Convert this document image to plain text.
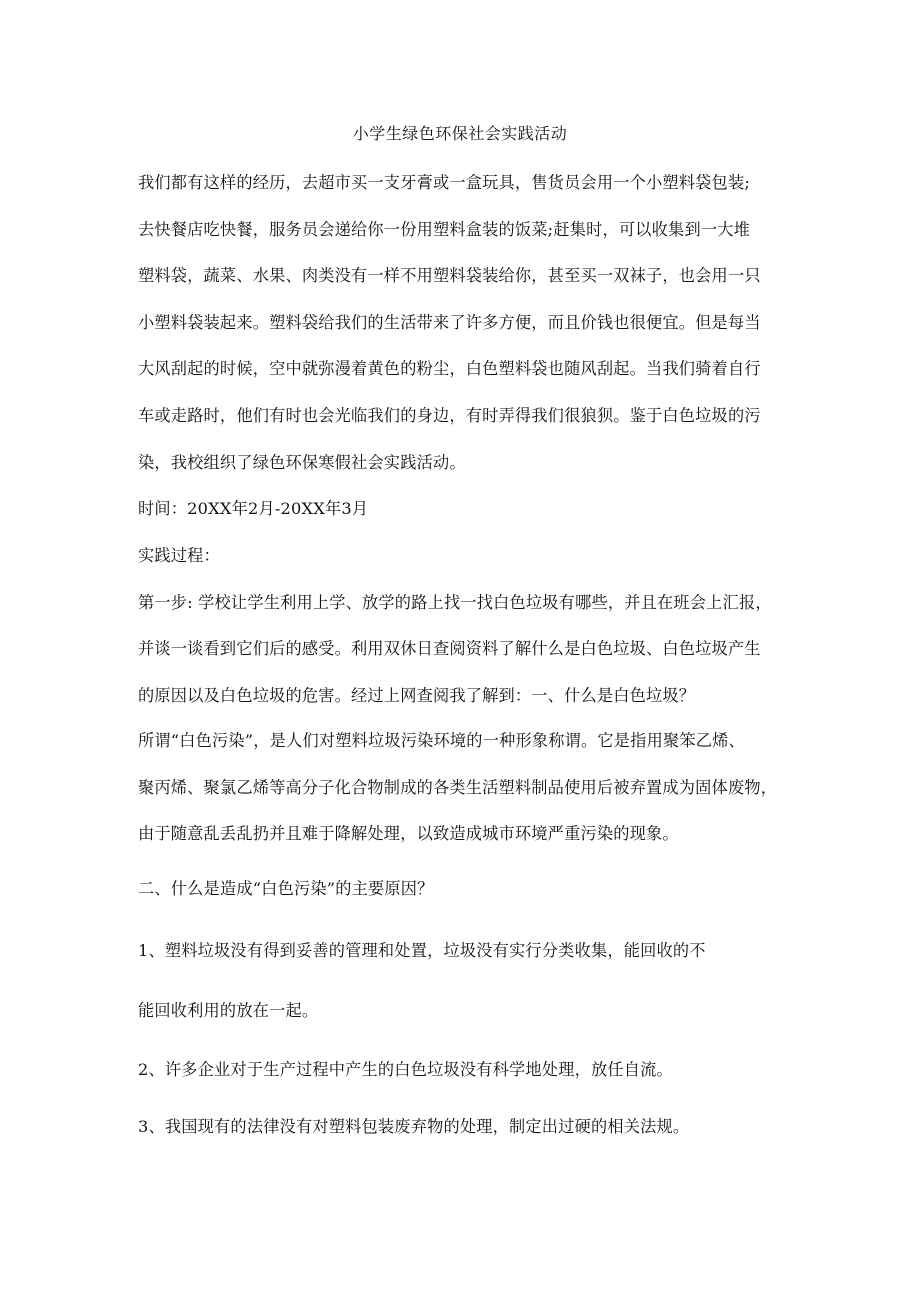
小学生绿色环保社会实践活动
我们都有这样的经历，去超市买一支牙膏或一盒玩具，售货员会用一个小塑料袋包装;
去快餐店吃快餐，服务员会递给你一份用塑料盒装的饭菜;赶集时，可以收集到一大堆
塑料袋，蔬菜、水果、肉类没有一样不用塑料袋装给你，甚至买一双袜子，也会用一只
小塑料袋装起来。塑料袋给我们的生活带来了许多方便，而且价钱也很便宜。但是每当
大风刮起的时候，空中就弥漫着黄色的粉尘，白色塑料袋也随风刮起。当我们骑着自行
车或走路时，他们有时也会光临我们的身边，有时弄得我们很狼狈。鉴于白色垃圾的污
染，我校组织了绿色环保寒假社会实践活动。
时间：20XX年2月-20XX年3月
实践过程：
第一步: 学校让学生利用上学、放学的路上找一找白色垃圾有哪些，并且在班会上汇报，
并谈一谈看到它们后的感受。利用双休日查阅资料了解什么是白色垃圾、白色垃圾产生
的原因以及白色垃圾的危害。经过上网查阅我了解到：一、什么是白色垃圾？
所谓“白色污染”，是人们对塑料垃圾污染环境的一种形象称谓。它是指用聚笨乙烯、
聚丙烯、聚氯乙烯等高分子化合物制成的各类生活塑料制品使用后被弃置成为固体废物，
由于随意乱丢乱扔并且难于降解处理，以致造成城市环境严重污染的现象。
二、什么是造成“白色污染”的主要原因？
1、塑料垃圾没有得到妥善的管理和处置，垃圾没有实行分类收集，能回收的不
能回收利用的放在一起。
2、许多企业对于生产过程中产生的白色垃圾没有科学地处理，放任自流。
3、我国现有的法律没有对塑料包装废弃物的处理，制定出过硬的相关法规。
